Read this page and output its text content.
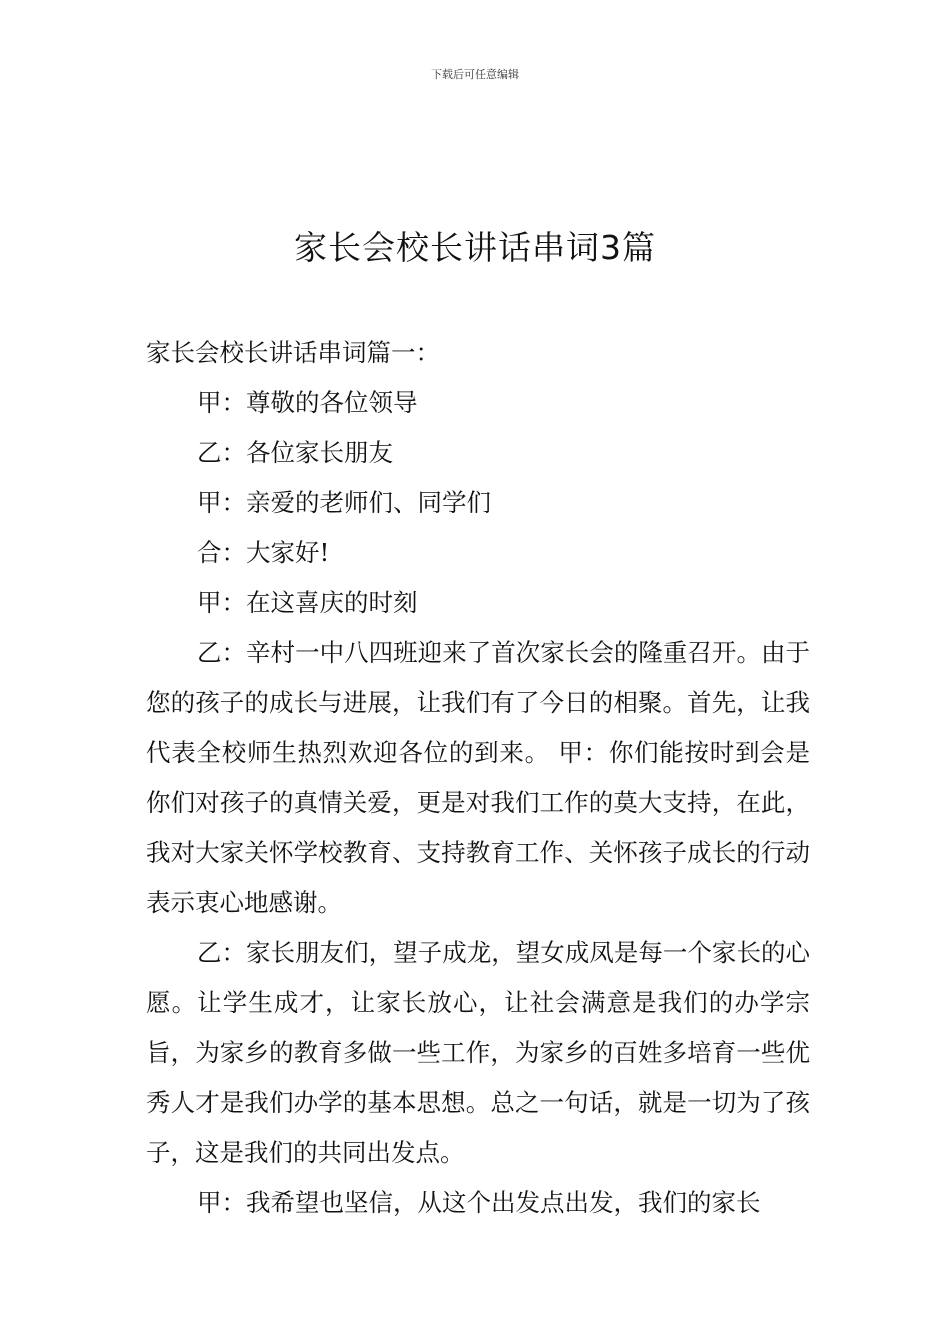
下载后可任意编辑
家长会校长讲话串词3篇

家长会校长讲话串词篇一：

甲：尊敬的各位领导

乙：各位家长朋友

甲：亲爱的老师们、同学们

合：大家好!

甲：在这喜庆的时刻

乙：辛村一中八四班迎来了首次家长会的隆重召开。由于您的孩子的成长与进展，让我们有了今日的相聚。首先，让我代表全校师生热烈欢迎各位的到来。 甲：你们能按时到会是你们对孩子的真情关爱，更是对我们工作的莫大支持，在此，我对大家关怀学校教育、支持教育工作、关怀孩子成长的行动表示衷心地感谢。

乙：家长朋友们，望子成龙，望女成凤是每一个家长的心愿。让学生成才，让家长放心，让社会满意是我们的办学宗旨，为家乡的教育多做一些工作，为家乡的百姓多培育一些优秀人才是我们办学的基本思想。总之一句话，就是一切为了孩子，这是我们的共同出发点。

甲：我希望也坚信，从这个出发点出发，我们的家长
